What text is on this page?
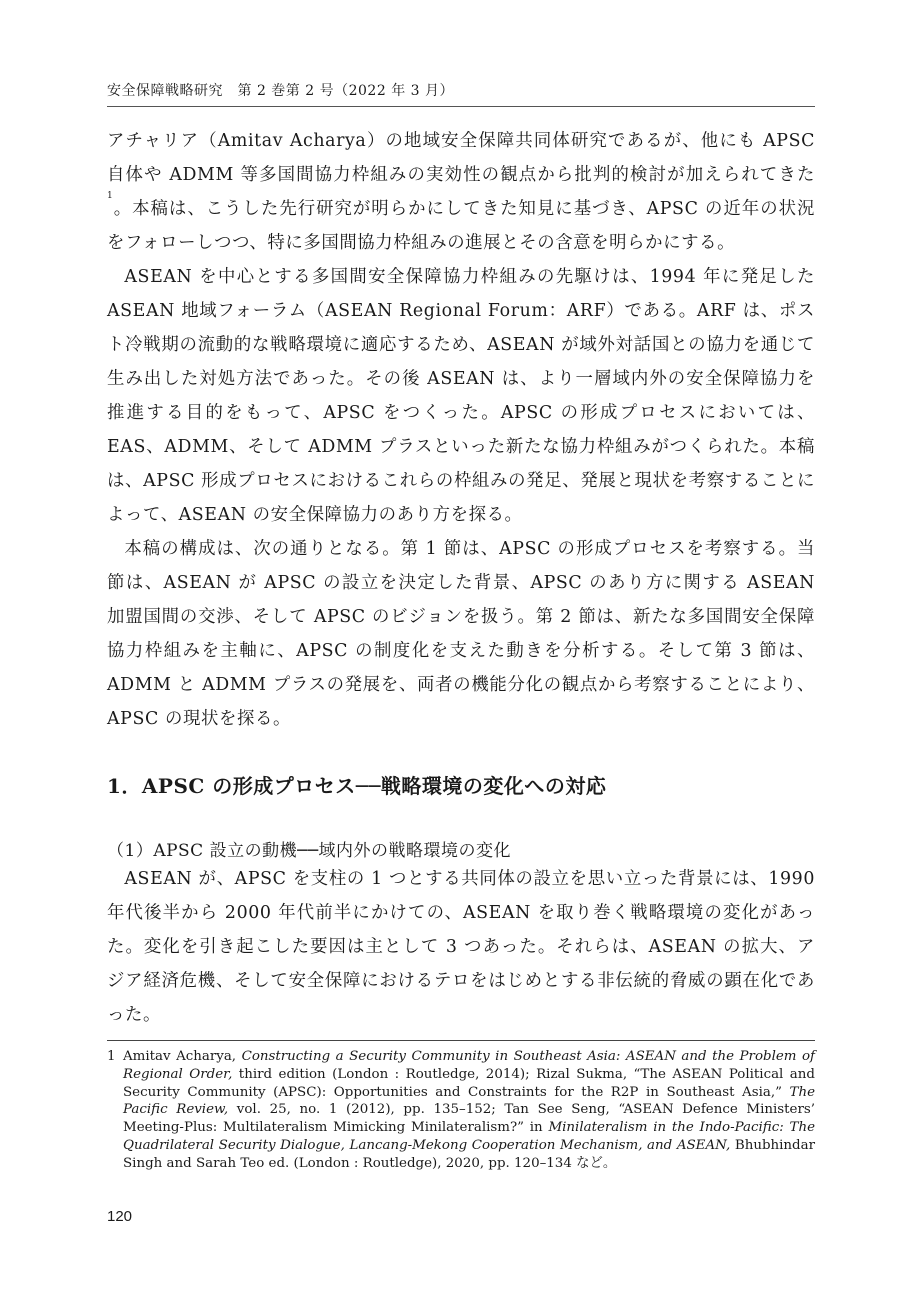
安全保障戦略研究　第 2 巻第 2 号（2022 年 3 月）

アチャリア（Amitav Acharya）の地域安全保障共同体研究であるが、他にも APSC 自体や ADMM 等多国間協力枠組みの実効性の観点から批判的検討が加えられてきた$^1$。本稿は、こうした先行研究が明らかにしてきた知見に基づき、APSC の近年の状況をフォローしつつ、特に多国間協力枠組みの進展とその含意を明らかにする。

ASEAN を中心とする多国間安全保障協力枠組みの先駆けは、1994 年に発足した ASEAN 地域フォーラム（ASEAN Regional Forum：ARF）である。ARF は、ポスト冷戦期の流動的な戦略環境に適応するため、ASEAN が域外対話国との協力を通じて生み出した対処方法であった。その後 ASEAN は、より一層域内外の安全保障協力を推進する目的をもって、APSC をつくった。APSC の形成プロセスにおいては、EAS、ADMM、そして ADMM プラスといった新たな協力枠組みがつくられた。本稿は、APSC 形成プロセスにおけるこれらの枠組みの発足、発展と現状を考察することによって、ASEAN の安全保障協力のあり方を探る。

本稿の構成は、次の通りとなる。第 1 節は、APSC の形成プロセスを考察する。当節は、ASEAN が APSC の設立を決定した背景、APSC のあり方に関する ASEAN 加盟国間の交渉、そして APSC のビジョンを扱う。第 2 節は、新たな多国間安全保障協力枠組みを主軸に、APSC の制度化を支えた動きを分析する。そして第 3 節は、ADMM と ADMM プラスの発展を、両者の機能分化の観点から考察することにより、APSC の現状を探る。

1．APSC の形成プロセス──戦略環境の変化への対応
（1）APSC 設立の動機──域内外の戦略環境の変化

ASEAN が、APSC を支柱の 1 つとする共同体の設立を思い立った背景には、1990 年代後半から 2000 年代前半にかけての、ASEAN を取り巻く戦略環境の変化があった。変化を引き起こした要因は主として 3 つあった。それらは、ASEAN の拡大、アジア経済危機、そして安全保障におけるテロをはじめとする非伝統的脅威の顕在化であった。

1 Amitav Acharya, Constructing a Security Community in Southeast Asia: ASEAN and the Problem of Regional Order, third edition (London : Routledge, 2014); Rizal Sukma, “The ASEAN Political and Security Community (APSC): Opportunities and Constraints for the R2P in Southeast Asia,” The Pacific Review, vol. 25, no. 1 (2012), pp. 135–152; Tan See Seng, “ASEAN Defence Ministers’ Meeting-Plus: Multilateralism Mimicking Minilateralism?” in Minilateralism in the Indo-Pacific: The Quadrilateral Security Dialogue, Lancang-Mekong Cooperation Mechanism, and ASEAN, Bhubhindar Singh and Sarah Teo ed. (London : Routledge), 2020, pp. 120–134 など。
120
